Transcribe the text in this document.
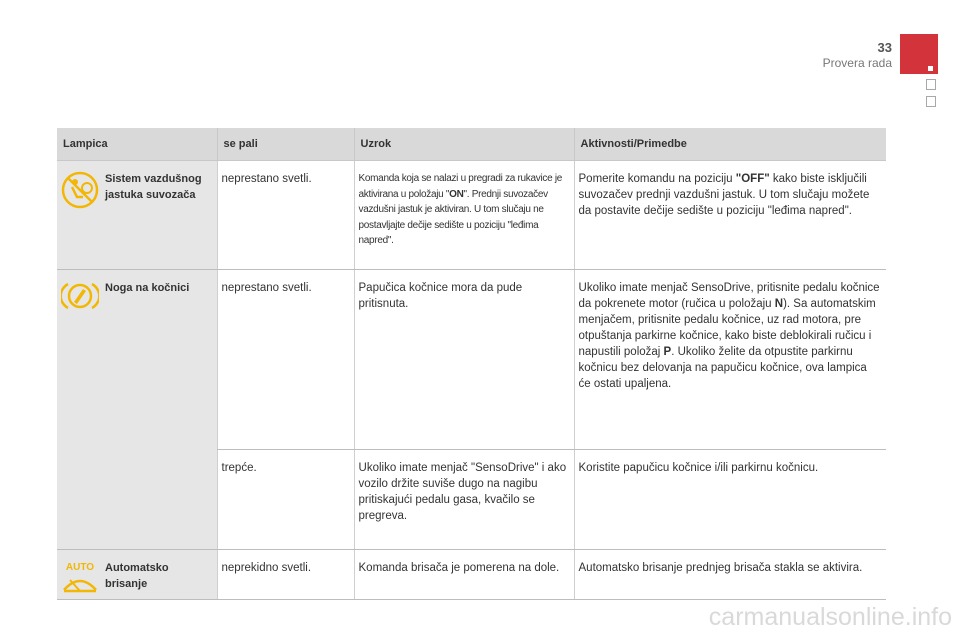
33
Provera rada
Lampica		se pali	Uzrok	Aktivnosti/Primedbe

	Sistem vazdušnog jastuka suvozača	neprestano svetli.	Komanda koja se nalazi u pregradi za rukavice je aktivirana u položaju "ON". Prednji suvozačev vazdušni jastuk je aktiviran. U tom slučaju ne postavljajte dečije sedište u poziciju "leđima napred".	Pomerite komandu na poziciju "OFF" kako biste isključili suvozačev prednji vazdušni jastuk. U tom slučaju možete da postavite dečije sedište u poziciju "leđima napred".

	Noga na kočnici	neprestano svetli.	Papučica kočnice mora da pude pritisnuta.	Ukoliko imate menjač SensoDrive, pritisnite pedalu kočnice da pokrenete motor (ručica u položaju N). Sa automatskim menjačem, pritisnite pedalu kočnice, uz rad motora, pre otpuštanja parkirne kočnice, kako biste deblokirali ručicu i napustili položaj P. Ukoliko želite da otpustite parkirnu kočnicu bez delovanja na papučicu kočnice, ova lampica će ostati upaljena.
		trepće.	Ukoliko imate menjač "SensoDrive" i ako vozilo držite suviše dugo na nagibu pritiskajući pedalu gasa, kvačilo se pregreva.	Koristite papučicu kočnice i/ili parkirnu kočnicu.

AUTO	Automatsko brisanje	neprekidno svetli.	Komanda brisača je pomerena na dole.	Automatsko brisanje prednjeg brisača stakla se aktivira.
carmanualsonline.info
